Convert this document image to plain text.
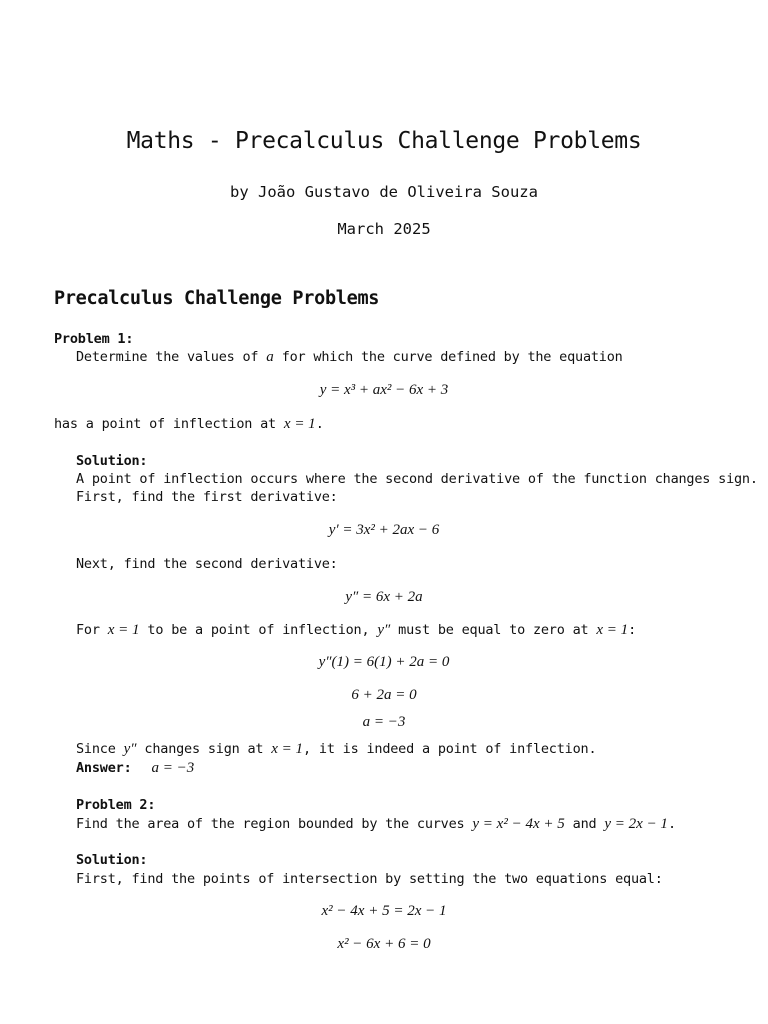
Maths - Precalculus Challenge Problems
by João Gustavo de Oliveira Souza
March 2025
Precalculus Challenge Problems
Problem 1:
Determine the values of a for which the curve defined by the equation
y = x³ + ax² − 6x + 3
has a point of inflection at x = 1.
Solution:
A point of inflection occurs where the second derivative of the function changes sign.
First, find the first derivative:
y′ = 3x² + 2ax − 6
Next, find the second derivative:
y″ = 6x + 2a
For x = 1 to be a point of inflection, y″ must be equal to zero at x = 1:
y″(1) = 6(1) + 2a = 0
6 + 2a = 0
a = −3
Since y″ changes sign at x = 1, it is indeed a point of inflection.
Answer: a = −3
Problem 2:
Find the area of the region bounded by the curves y = x² − 4x + 5 and y = 2x − 1.
Solution:
First, find the points of intersection by setting the two equations equal:
x² − 4x + 5 = 2x − 1
x² − 6x + 6 = 0
